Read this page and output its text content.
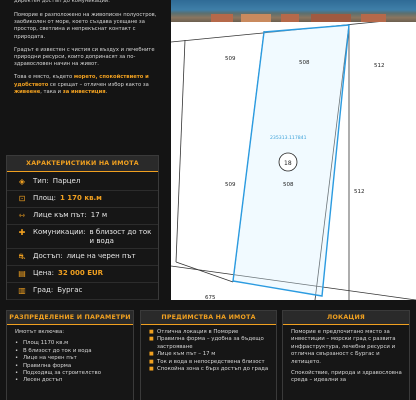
директен достъп до комуникации.

Поморие е разположено на живописен полуостров, заобиколен от море, което създава усещане за простор, светлина и непрекъснат контакт с природата.

Градът е известен с чистия си въздух и лечебните природни ресурси, които допринасят за по-здравословен начин на живот.

Това е място, където морето, спокойствието и удобството се срещат – отличен избор както за живеене, така и за инвестиция.

ХАРАКТЕРИСТИКИ НА ИМОТА
◈ Тип: Парцел
⊡ Площ: 1 170 кв.м
⇿ Лице към път: 17 м
✚ Комуникации: в близост до ток и вода
⛐ Достъп: лице на черен път
▤ Цена: 32 000 EUR
▥ Град: Бургас
509
508	512
235313.117841
18
509	508
512
675
РАЗПРЕДЕЛЕНИЕ И ПАРАМЕТРИ

Имотът включва:

• Площ 1170 кв.м
• В близост до ток и вода
• Лице на черен път
• Правилна форма
• Подходящ за строителство
• Лесен достъп
ПРЕДИМСТВА НА ИМОТА
■ Отлична локация в Поморие
■ Правилна форма – удобна за бъдещо застрояване
■ Лице към път – 17 м
■ Ток и вода в непосредствена близост
■ Спокойна зона с бърз достъп до града
ЛОКАЦИЯ

Поморие е предпочитано място за инвестиции – морски град с развита инфраструктура, лечебни ресурси и отлична свързаност с Бургас и летището.

Спокойствие, природа и здравословна среда – идеални за
